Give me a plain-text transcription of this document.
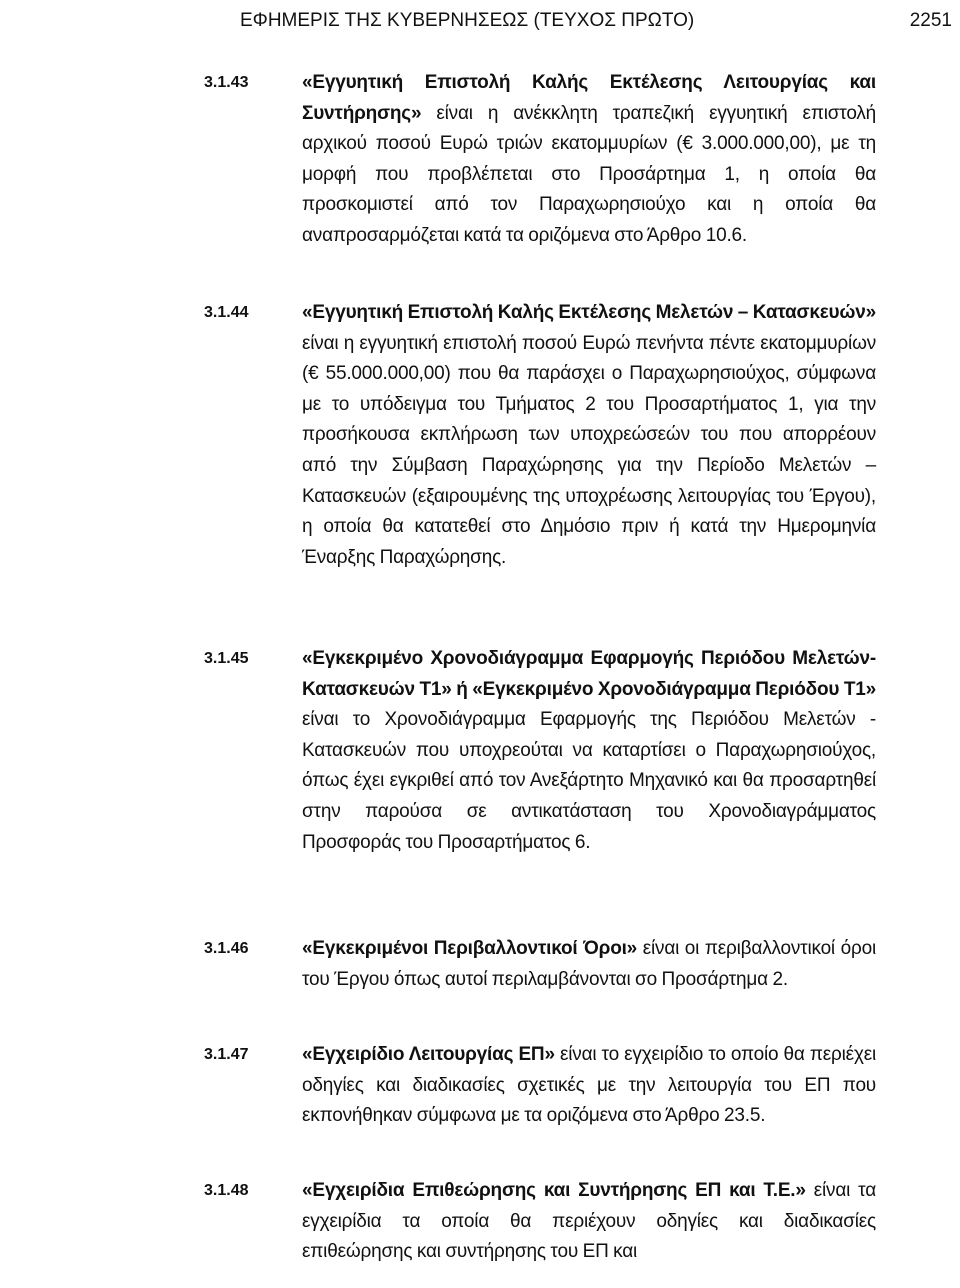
ΕΦΗΜΕΡΙΣ ΤΗΣ ΚΥΒΕΡΝΗΣΕΩΣ (ΤΕΥΧΟΣ ΠΡΩΤΟ)	2251
3.1.43	«Εγγυητική Επιστολή Καλής Εκτέλεσης Λειτουργίας και Συντήρησης» είναι η ανέκκλητη τραπεζική εγγυητική επιστολή αρχικού ποσού Ευρώ τριών εκατομμυρίων (€ 3.000.000,00), με τη μορφή που προβλέπεται στο Προσάρτημα 1, η οποία θα προσκομιστεί από τον Παραχωρησιούχο και η οποία θα αναπροσαρμόζεται κατά τα οριζόμενα στο Άρθρο 10.6.
3.1.44	«Εγγυητική Επιστολή Καλής Εκτέλεσης Μελετών – Κατασκευών» είναι η εγγυητική επιστολή ποσού Ευρώ πενήντα πέντε εκατομμυρίων (€ 55.000.000,00) που θα παράσχει ο Παραχωρησιούχος, σύμφωνα με το υπόδειγμα του Τμήματος 2 του Προσαρτήματος 1, για την προσήκουσα εκπλήρωση των υποχρεώσεών του που απορρέουν από την Σύμβαση Παραχώρησης για την Περίοδο Μελετών – Κατασκευών (εξαιρουμένης της υποχρέωσης λειτουργίας του Έργου), η οποία θα κατατεθεί στο Δημόσιο πριν ή κατά την Ημερομηνία Έναρξης Παραχώρησης.
3.1.45	«Εγκεκριμένο Χρονοδιάγραμμα Εφαρμογής Περιόδου Μελετών-Κατασκευών Τ1» ή «Εγκεκριμένο Χρονοδιάγραμμα Περιόδου Τ1» είναι το Χρονοδιάγραμμα Εφαρμογής της Περιόδου Μελετών - Κατασκευών που υποχρεούται να καταρτίσει ο Παραχωρησιούχος, όπως έχει εγκριθεί από τον Ανεξάρτητο Μηχανικό και θα προσαρτηθεί στην παρούσα σε αντικατάσταση του Χρονοδιαγράμματος Προσφοράς του Προσαρτήματος 6.
3.1.46	«Εγκεκριμένοι Περιβαλλοντικοί Όροι» είναι οι περιβαλλοντικοί όροι του Έργου όπως αυτοί περιλαμβάνονται σο Προσάρτημα 2.
3.1.47	«Εγχειρίδιο Λειτουργίας ΕΠ» είναι το εγχειρίδιο το οποίο θα περιέχει οδηγίες και διαδικασίες σχετικές με την λειτουργία του ΕΠ που εκπονήθηκαν σύμφωνα με τα οριζόμενα στο Άρθρο 23.5.
3.1.48	«Εγχειρίδια Επιθεώρησης και Συντήρησης ΕΠ και Τ.Ε.» είναι τα εγχειρίδια τα οποία θα περιέχουν οδηγίες και διαδικασίες επιθεώρησης και συντήρησης του ΕΠ και
